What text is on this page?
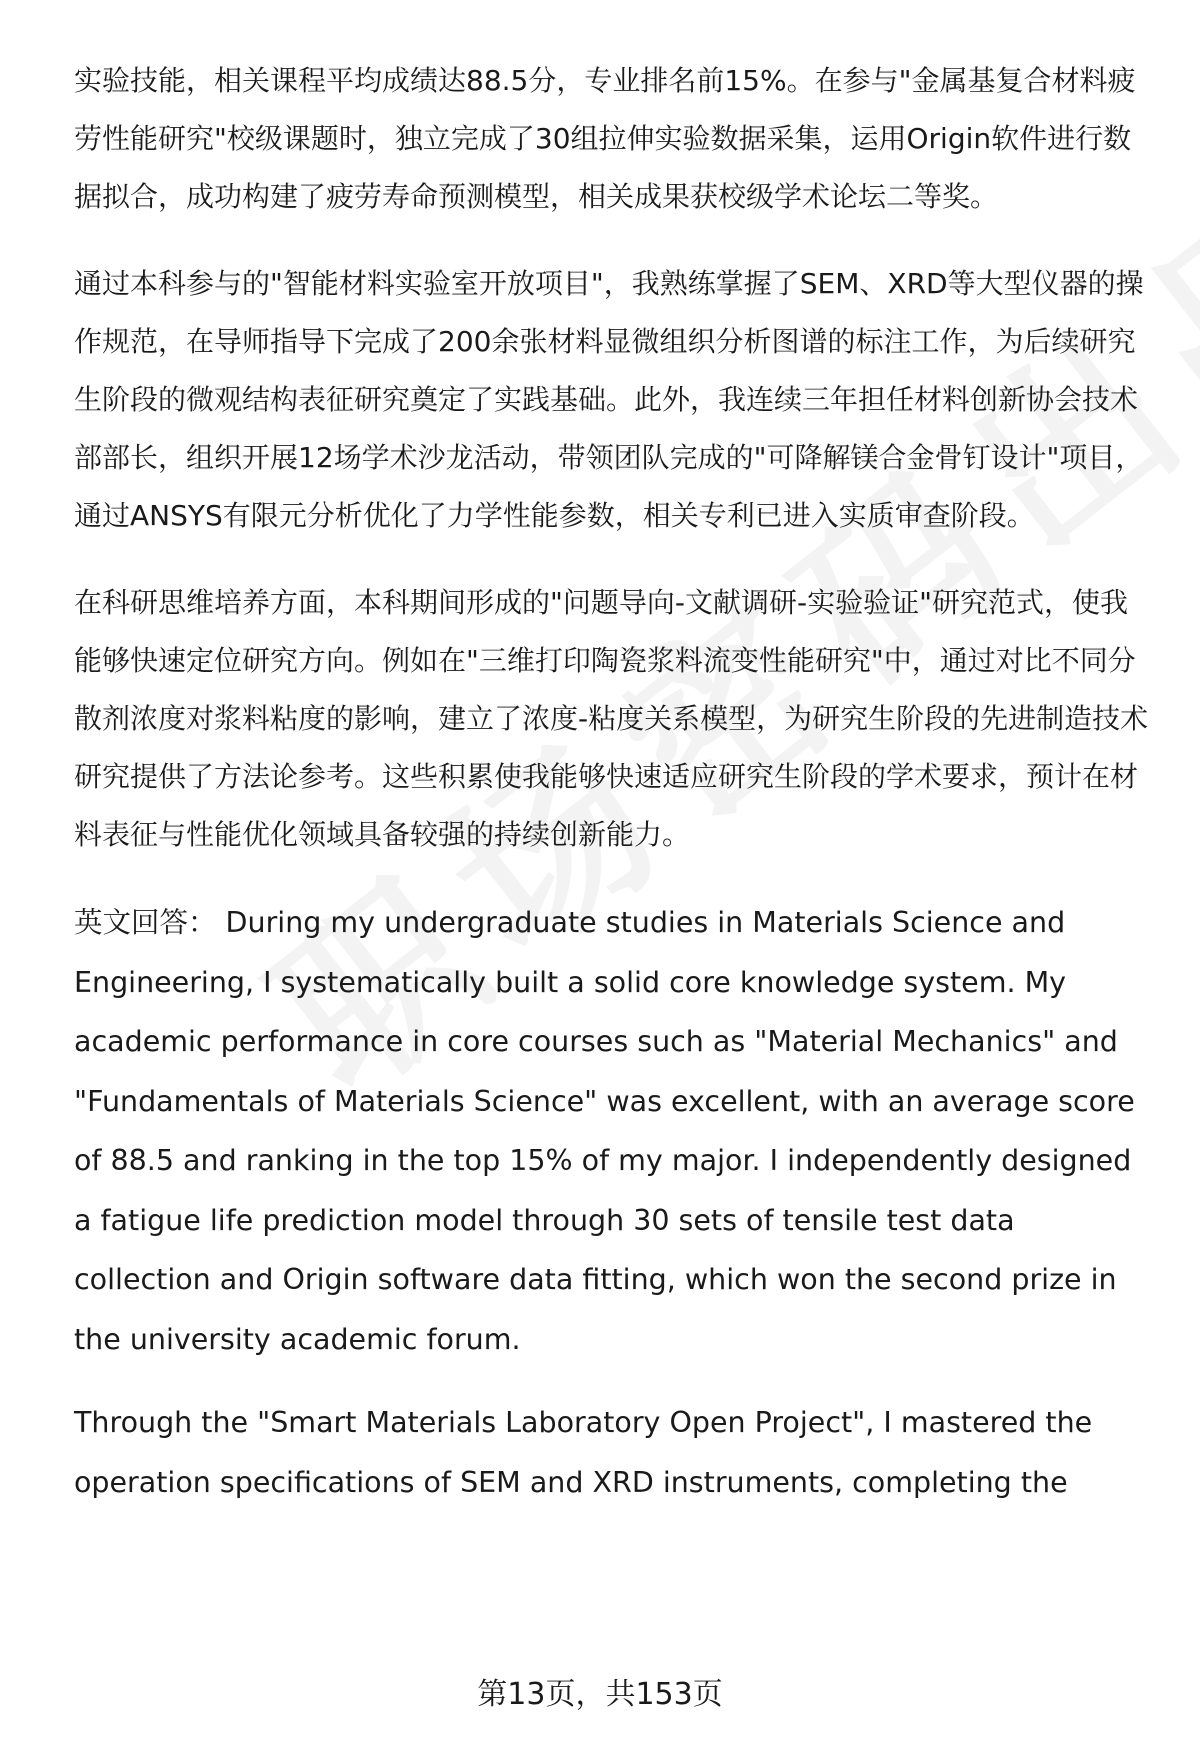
实验技能，相关课程平均成绩达88.5分，专业排名前15%。在参与"金属基复合材料疲劳性能研究"校级课题时，独立完成了30组拉伸实验数据采集，运用Origin软件进行数据拟合，成功构建了疲劳寿命预测模型，相关成果获校级学术论坛二等奖。

通过本科参与的"智能材料实验室开放项目"，我熟练掌握了SEM、XRD等大型仪器的操作规范，在导师指导下完成了200余张材料显微组织分析图谱的标注工作，为后续研究生阶段的微观结构表征研究奠定了实践基础。此外，我连续三年担任材料创新协会技术部部长，组织开展12场学术沙龙活动，带领团队完成的"可降解镁合金骨钉设计"项目，通过ANSYS有限元分析优化了力学性能参数，相关专利已进入实质审查阶段。

在科研思维培养方面，本科期间形成的"问题导向-文献调研-实验验证"研究范式，使我能够快速定位研究方向。例如在"三维打印陶瓷浆料流变性能研究"中，通过对比不同分散剂浓度对浆料粘度的影响，建立了浓度-粘度关系模型，为研究生阶段的先进制造技术研究提供了方法论参考。这些积累使我能够快速适应研究生阶段的学术要求，预计在材料表征与性能优化领域具备较强的持续创新能力。

英文回答： During my undergraduate studies in Materials Science and Engineering, I systematically built a solid core knowledge system. My academic performance in core courses such as "Material Mechanics" and "Fundamentals of Materials Science" was excellent, with an average score of 88.5 and ranking in the top 15% of my major. I independently designed a fatigue life prediction model through 30 sets of tensile test data collection and Origin software data fitting, which won the second prize in the university academic forum.

Through the "Smart Materials Laboratory Open Project", I mastered the operation specifications of SEM and XRD instruments, completing the

第13页，共153页
